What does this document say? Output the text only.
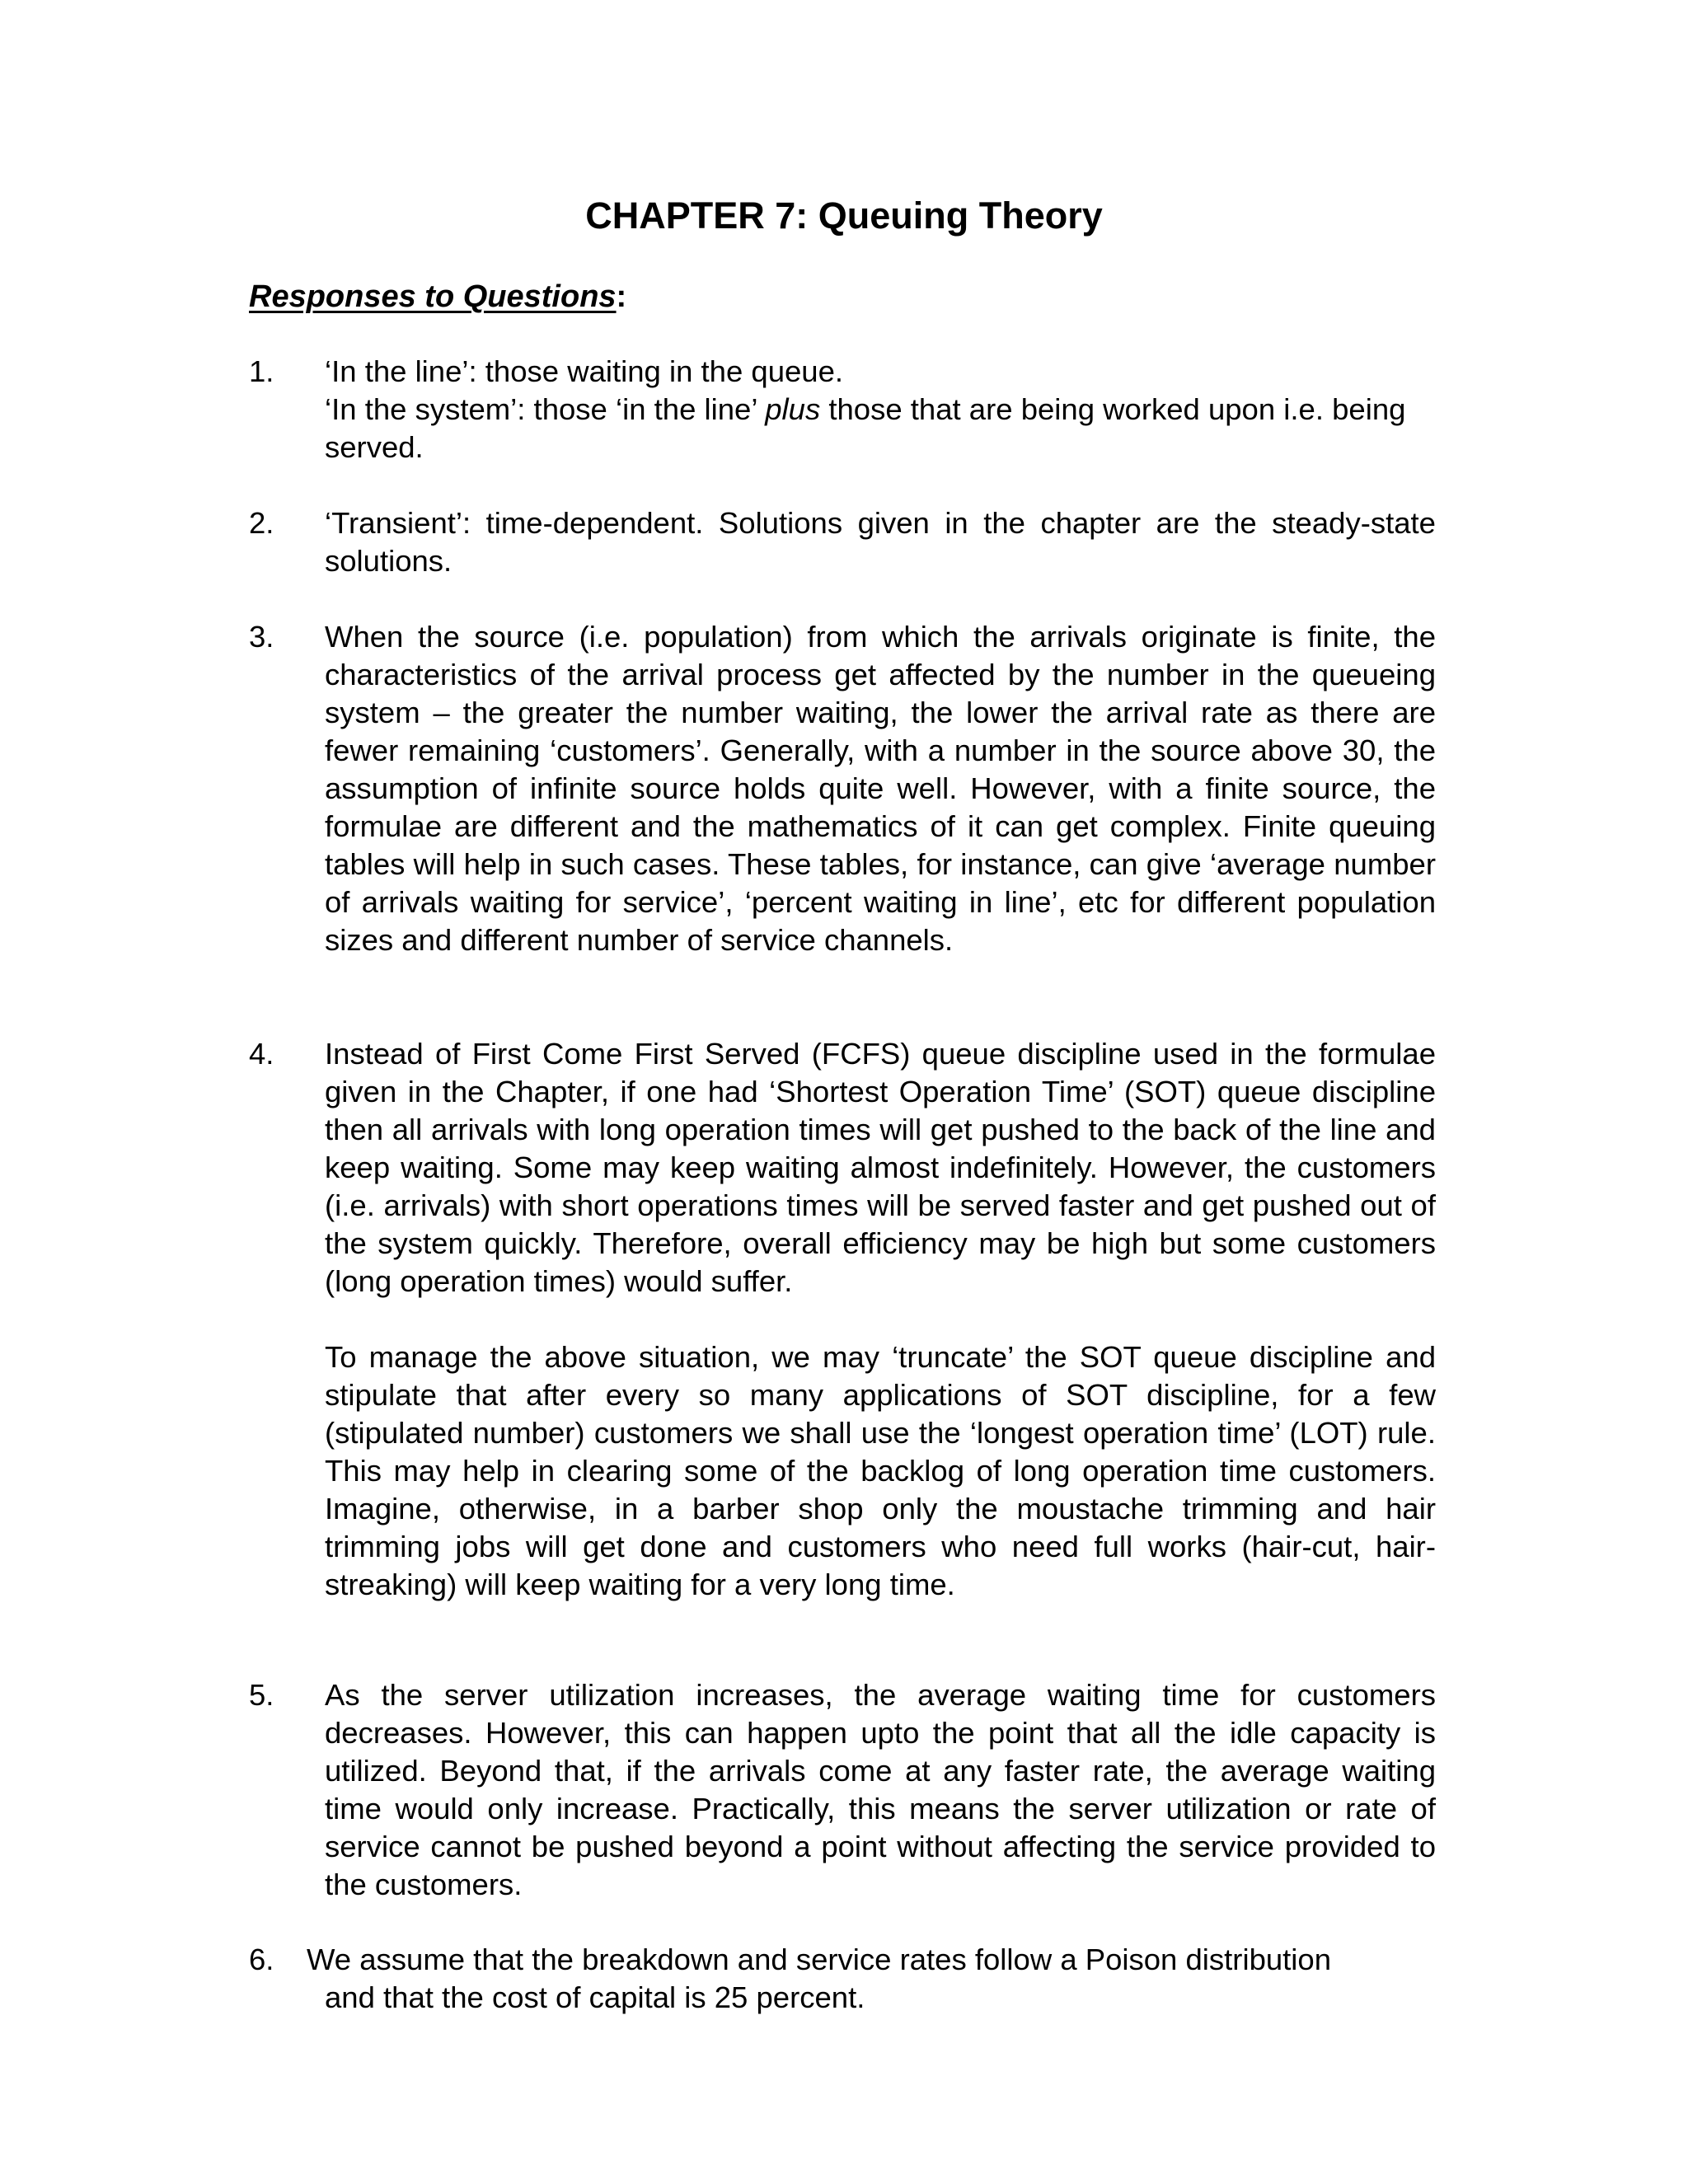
CHAPTER 7: Queuing Theory

Responses to Questions:

1. ‘In the line’: those waiting in the queue.

‘In the system’: those ‘in the line’ plus those that are being worked upon i.e. being served.

2. ‘Transient’: time-dependent. Solutions given in the chapter are the steady-state solutions.

3. When the source (i.e. population) from which the arrivals originate is finite, the characteristics of the arrival process get affected by the number in the queueing system – the greater the number waiting, the lower the arrival rate as there are fewer remaining ‘customers’. Generally, with a number in the source above 30, the assumption of infinite source holds quite well. However, with a finite source, the formulae are different and the mathematics of it can get complex. Finite queuing tables will help in such cases. These tables, for instance, can give ‘average number of arrivals waiting for service’, ‘percent waiting in line’, etc for different population sizes and different number of service channels.

4. Instead of First Come First Served (FCFS) queue discipline used in the formulae given in the Chapter, if one had ‘Shortest Operation Time’ (SOT) queue discipline then all arrivals with long operation times will get pushed to the back of the line and keep waiting. Some may keep waiting almost indefinitely. However, the customers (i.e. arrivals) with short operations times will be served faster and get pushed out of the system quickly. Therefore, overall efficiency may be high but some customers (long operation times) would suffer.

To manage the above situation, we may ‘truncate’ the SOT queue discipline and stipulate that after every so many applications of SOT discipline, for a few (stipulated number) customers we shall use the ‘longest operation time’ (LOT) rule. This may help in clearing some of the backlog of long operation time customers. Imagine, otherwise, in a barber shop only the moustache trimming and hair trimming jobs will get done and customers who need full works (hair-cut, hair-streaking) will keep waiting for a very long time.

5. As the server utilization increases, the average waiting time for customers decreases. However, this can happen upto the point that all the idle capacity is utilized. Beyond that, if the arrivals come at any faster rate, the average waiting time would only increase. Practically, this means the server utilization or rate of service cannot be pushed beyond a point without affecting the service provided to the customers.

6. We assume that the breakdown and service rates follow a Poison distribution

and that the cost of capital is 25 percent.
